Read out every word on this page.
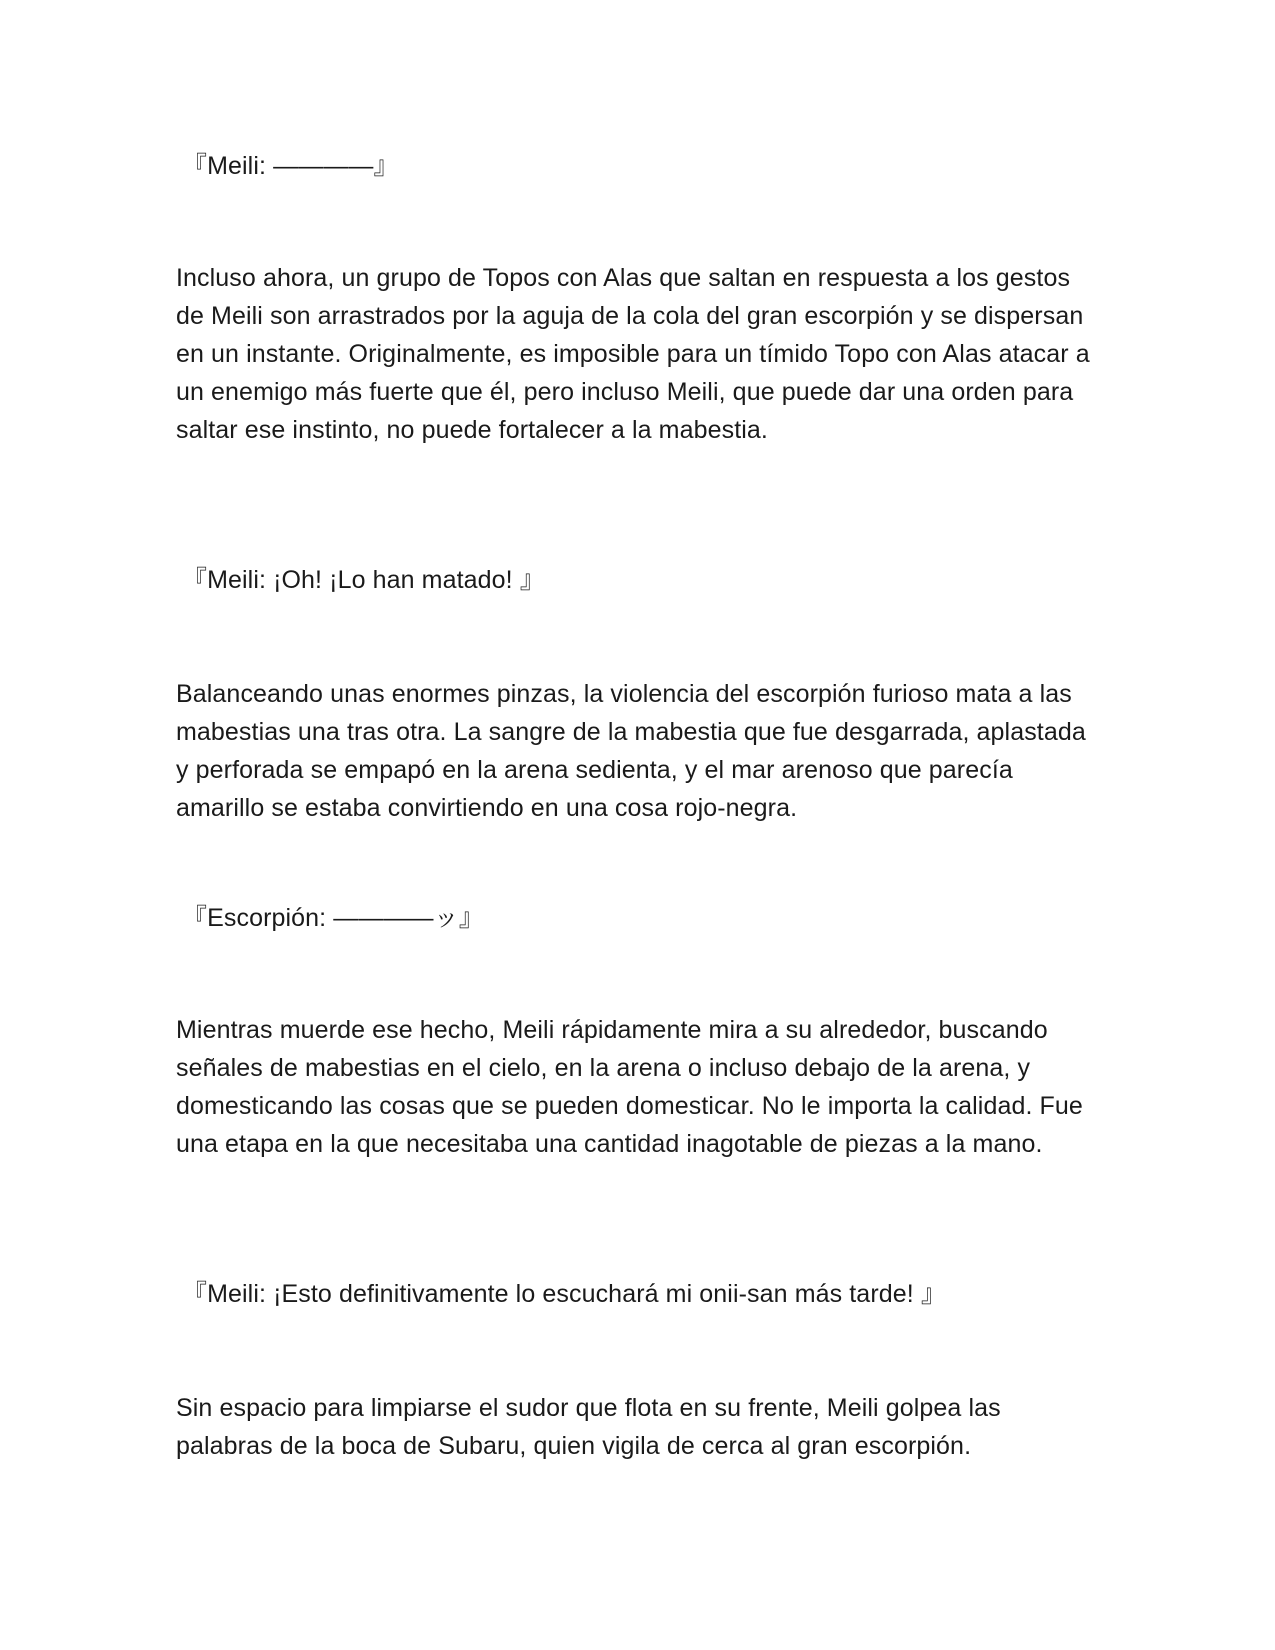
『Meili: ————』

Incluso ahora, un grupo de Topos con Alas que saltan en respuesta a los gestos de Meili son arrastrados por la aguja de la cola del gran escorpión y se dispersan en un instante. Originalmente, es imposible para un tímido Topo con Alas atacar a un enemigo más fuerte que él, pero incluso Meili, que puede dar una orden para saltar ese instinto, no puede fortalecer a la mabestia.

『Meili: ¡Oh! ¡Lo han matado! 』

Balanceando unas enormes pinzas, la violencia del escorpión furioso mata a las mabestias una tras otra. La sangre de la mabestia que fue desgarrada, aplastada y perforada se empapó en la arena sedienta, y el mar arenoso que parecía amarillo se estaba convirtiendo en una cosa rojo-negra.

『Escorpión: ————ッ』

Mientras muerde ese hecho, Meili rápidamente mira a su alrededor, buscando señales de mabestias en el cielo, en la arena o incluso debajo de la arena, y domesticando las cosas que se pueden domesticar. No le importa la calidad. Fue una etapa en la que necesitaba una cantidad inagotable de piezas a la mano.

『Meili: ¡Esto definitivamente lo escuchará mi onii-san más tarde! 』

Sin espacio para limpiarse el sudor que flota en su frente, Meili golpea las palabras de la boca de Subaru, quien vigila de cerca al gran escorpión.
